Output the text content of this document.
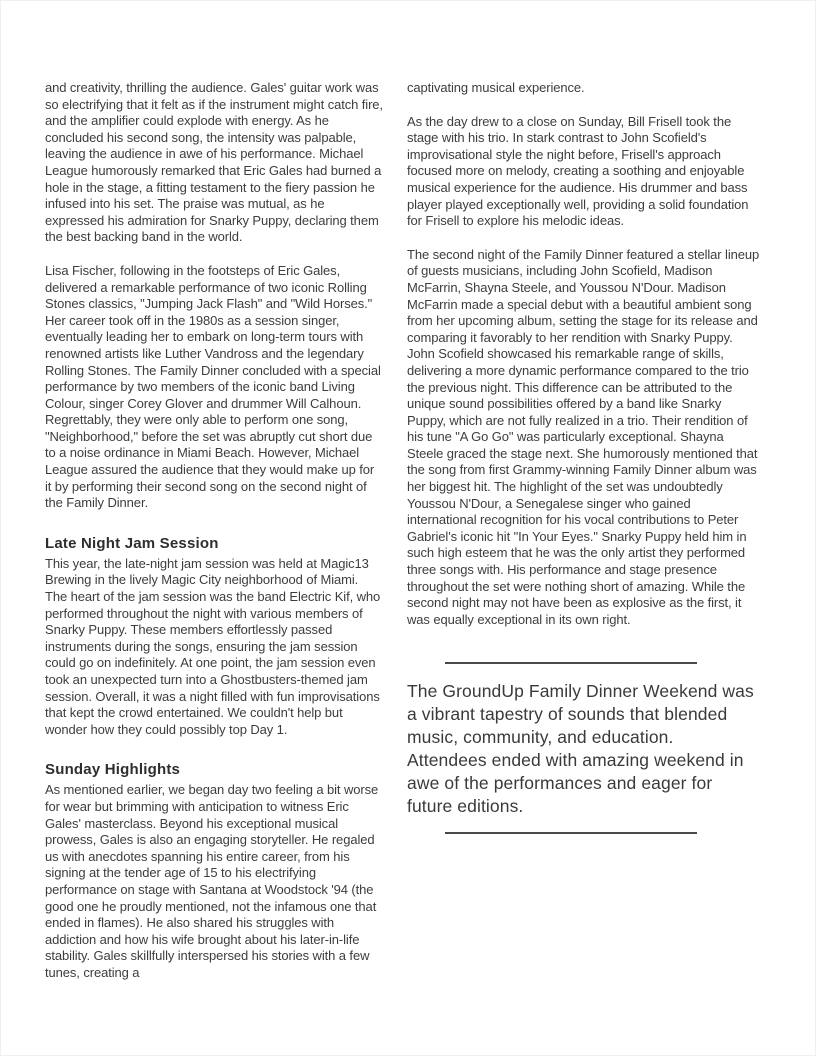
and creativity, thrilling the audience. Gales' guitar work was so electrifying that it felt as if the instrument might catch fire, and the amplifier could explode with energy. As he concluded his second song, the intensity was palpable, leaving the audience in awe of his performance. Michael League humorously remarked that Eric Gales had burned a hole in the stage, a fitting testament to the fiery passion he infused into his set. The praise was mutual, as he expressed his admiration for Snarky Puppy, declaring them the best backing band in the world.

Lisa Fischer, following in the footsteps of Eric Gales, delivered a remarkable performance of two iconic Rolling Stones classics, "Jumping Jack Flash" and "Wild Horses." Her career took off in the 1980s as a session singer, eventually leading her to embark on long-term tours with renowned artists like Luther Vandross and the legendary Rolling Stones. The Family Dinner concluded with a special performance by two members of the iconic band Living Colour, singer Corey Glover and drummer Will Calhoun. Regrettably, they were only able to perform one song, "Neighborhood," before the set was abruptly cut short due to a noise ordinance in Miami Beach. However, Michael League assured the audience that they would make up for it by performing their second song on the second night of the Family Dinner.

Late Night Jam Session

This year, the late-night jam session was held at Magic13 Brewing in the lively Magic City neighborhood of Miami. The heart of the jam session was the band Electric Kif, who performed throughout the night with various members of Snarky Puppy. These members effortlessly passed instruments during the songs, ensuring the jam session could go on indefinitely. At one point, the jam session even took an unexpected turn into a Ghostbusters-themed jam session. Overall, it was a night filled with fun improvisations that kept the crowd entertained. We couldn't help but wonder how they could possibly top Day 1.

Sunday Highlights

As mentioned earlier, we began day two feeling a bit worse for wear but brimming with anticipation to witness Eric Gales' masterclass. Beyond his exceptional musical prowess, Gales is also an engaging storyteller. He regaled us with anecdotes spanning his entire career, from his signing at the tender age of 15 to his electrifying performance on stage with Santana at Woodstock '94 (the good one he proudly mentioned, not the infamous one that ended in flames). He also shared his struggles with addiction and how his wife brought about his later-in-life stability. Gales skillfully interspersed his stories with a few tunes, creating a

captivating musical experience.

As the day drew to a close on Sunday, Bill Frisell took the stage with his trio. In stark contrast to John Scofield's improvisational style the night before, Frisell's approach focused more on melody, creating a soothing and enjoyable musical experience for the audience. His drummer and bass player played exceptionally well, providing a solid foundation for Frisell to explore his melodic ideas.

The second night of the Family Dinner featured a stellar lineup of guests musicians, including John Scofield, Madison McFarrin, Shayna Steele, and Youssou N'Dour. Madison McFarrin made a special debut with a beautiful ambient song from her upcoming album, setting the stage for its release and comparing it favorably to her rendition with Snarky Puppy. John Scofield showcased his remarkable range of skills, delivering a more dynamic performance compared to the trio the previous night. This difference can be attributed to the unique sound possibilities offered by a band like Snarky Puppy, which are not fully realized in a trio. Their rendition of his tune "A Go Go" was particularly exceptional. Shayna Steele graced the stage next. She humorously mentioned that the song from first Grammy-winning Family Dinner album was her biggest hit. The highlight of the set was undoubtedly Youssou N'Dour, a Senegalese singer who gained international recognition for his vocal contributions to Peter Gabriel's iconic hit "In Your Eyes." Snarky Puppy held him in such high esteem that he was the only artist they performed three songs with. His performance and stage presence throughout the set were nothing short of amazing. While the second night may not have been as explosive as the first, it was equally exceptional in its own right.

The GroundUp Family Dinner Weekend was a vibrant tapestry of sounds that blended music, community, and education. Attendees ended with amazing weekend in awe of the performances and eager for future editions.
